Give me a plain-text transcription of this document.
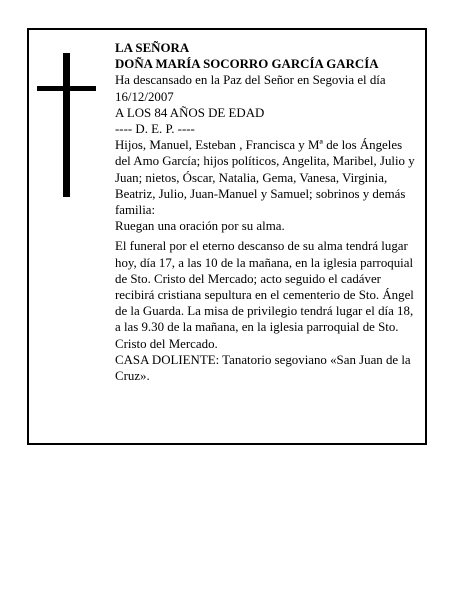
LA SEÑORA

DOÑA MARÍA SOCORRO GARCÍA GARCÍA

Ha descansado en la Paz del Señor en Segovia el día 16/12/2007

A LOS 84 AÑOS DE EDAD

---- D. E. P. ----

Hijos, Manuel, Esteban , Francisca y Mª de los Ángeles del Amo García; hijos políticos, Angelita, Maribel, Julio y Juan; nietos, Óscar, Natalia, Gema, Vanesa, Virginia, Beatriz, Julio, Juan-Manuel y Samuel; sobrinos y demás familia:

Ruegan una oración por su alma.

El funeral por el eterno descanso de su alma tendrá lugar hoy, día 17, a las 10 de la mañana, en la iglesia parroquial de Sto. Cristo del Mercado; acto seguido el cadáver recibirá cristiana sepultura en el cementerio de Sto. Ángel de la Guarda. La misa de privilegio tendrá lugar el día 18, a las 9.30 de la mañana, en la iglesia parroquial de Sto. Cristo del Mercado.

CASA DOLIENTE: Tanatorio segoviano «San Juan de la Cruz».
